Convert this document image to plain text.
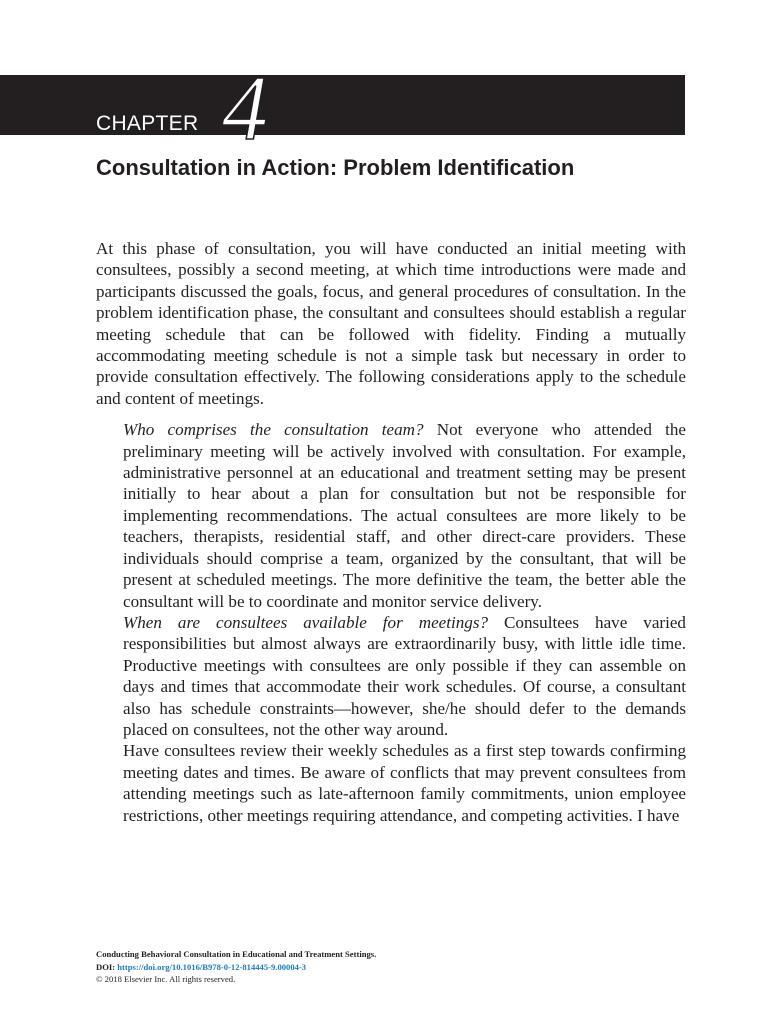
CHAPTER 4
Consultation in Action: Problem Identification

At this phase of consultation, you will have conducted an initial meeting with consultees, possibly a second meeting, at which time introductions were made and participants discussed the goals, focus, and general procedures of consultation. In the problem identification phase, the consultant and consultees should establish a regular meeting schedule that can be followed with fidelity. Finding a mutually accommodating meeting schedule is not a simple task but necessary in order to provide consultation effectively. The following considerations apply to the schedule and content of meetings.

Who comprises the consultation team? Not everyone who attended the preliminary meeting will be actively involved with consultation. For example, administrative personnel at an educational and treatment setting may be present initially to hear about a plan for consultation but not be responsible for implementing recommendations. The actual consultees are more likely to be teachers, therapists, residential staff, and other direct-care providers. These individuals should comprise a team, organized by the consultant, that will be present at scheduled meetings. The more definitive the team, the better able the consultant will be to coordinate and monitor service delivery.

When are consultees available for meetings? Consultees have varied responsibilities but almost always are extraordinarily busy, with little idle time. Productive meetings with consultees are only possible if they can assemble on days and times that accommodate their work schedules. Of course, a consultant also has schedule constraints—however, she/he should defer to the demands placed on consultees, not the other way around.

Have consultees review their weekly schedules as a first step towards confirming meeting dates and times. Be aware of conflicts that may prevent consultees from attending meetings such as late-afternoon family commitments, union employee restrictions, other meetings requiring attendance, and competing activities. I have

Conducting Behavioral Consultation in Educational and Treatment Settings.
DOI: https://doi.org/10.1016/B978-0-12-814445-9.00004-3
© 2018 Elsevier Inc. All rights reserved.
